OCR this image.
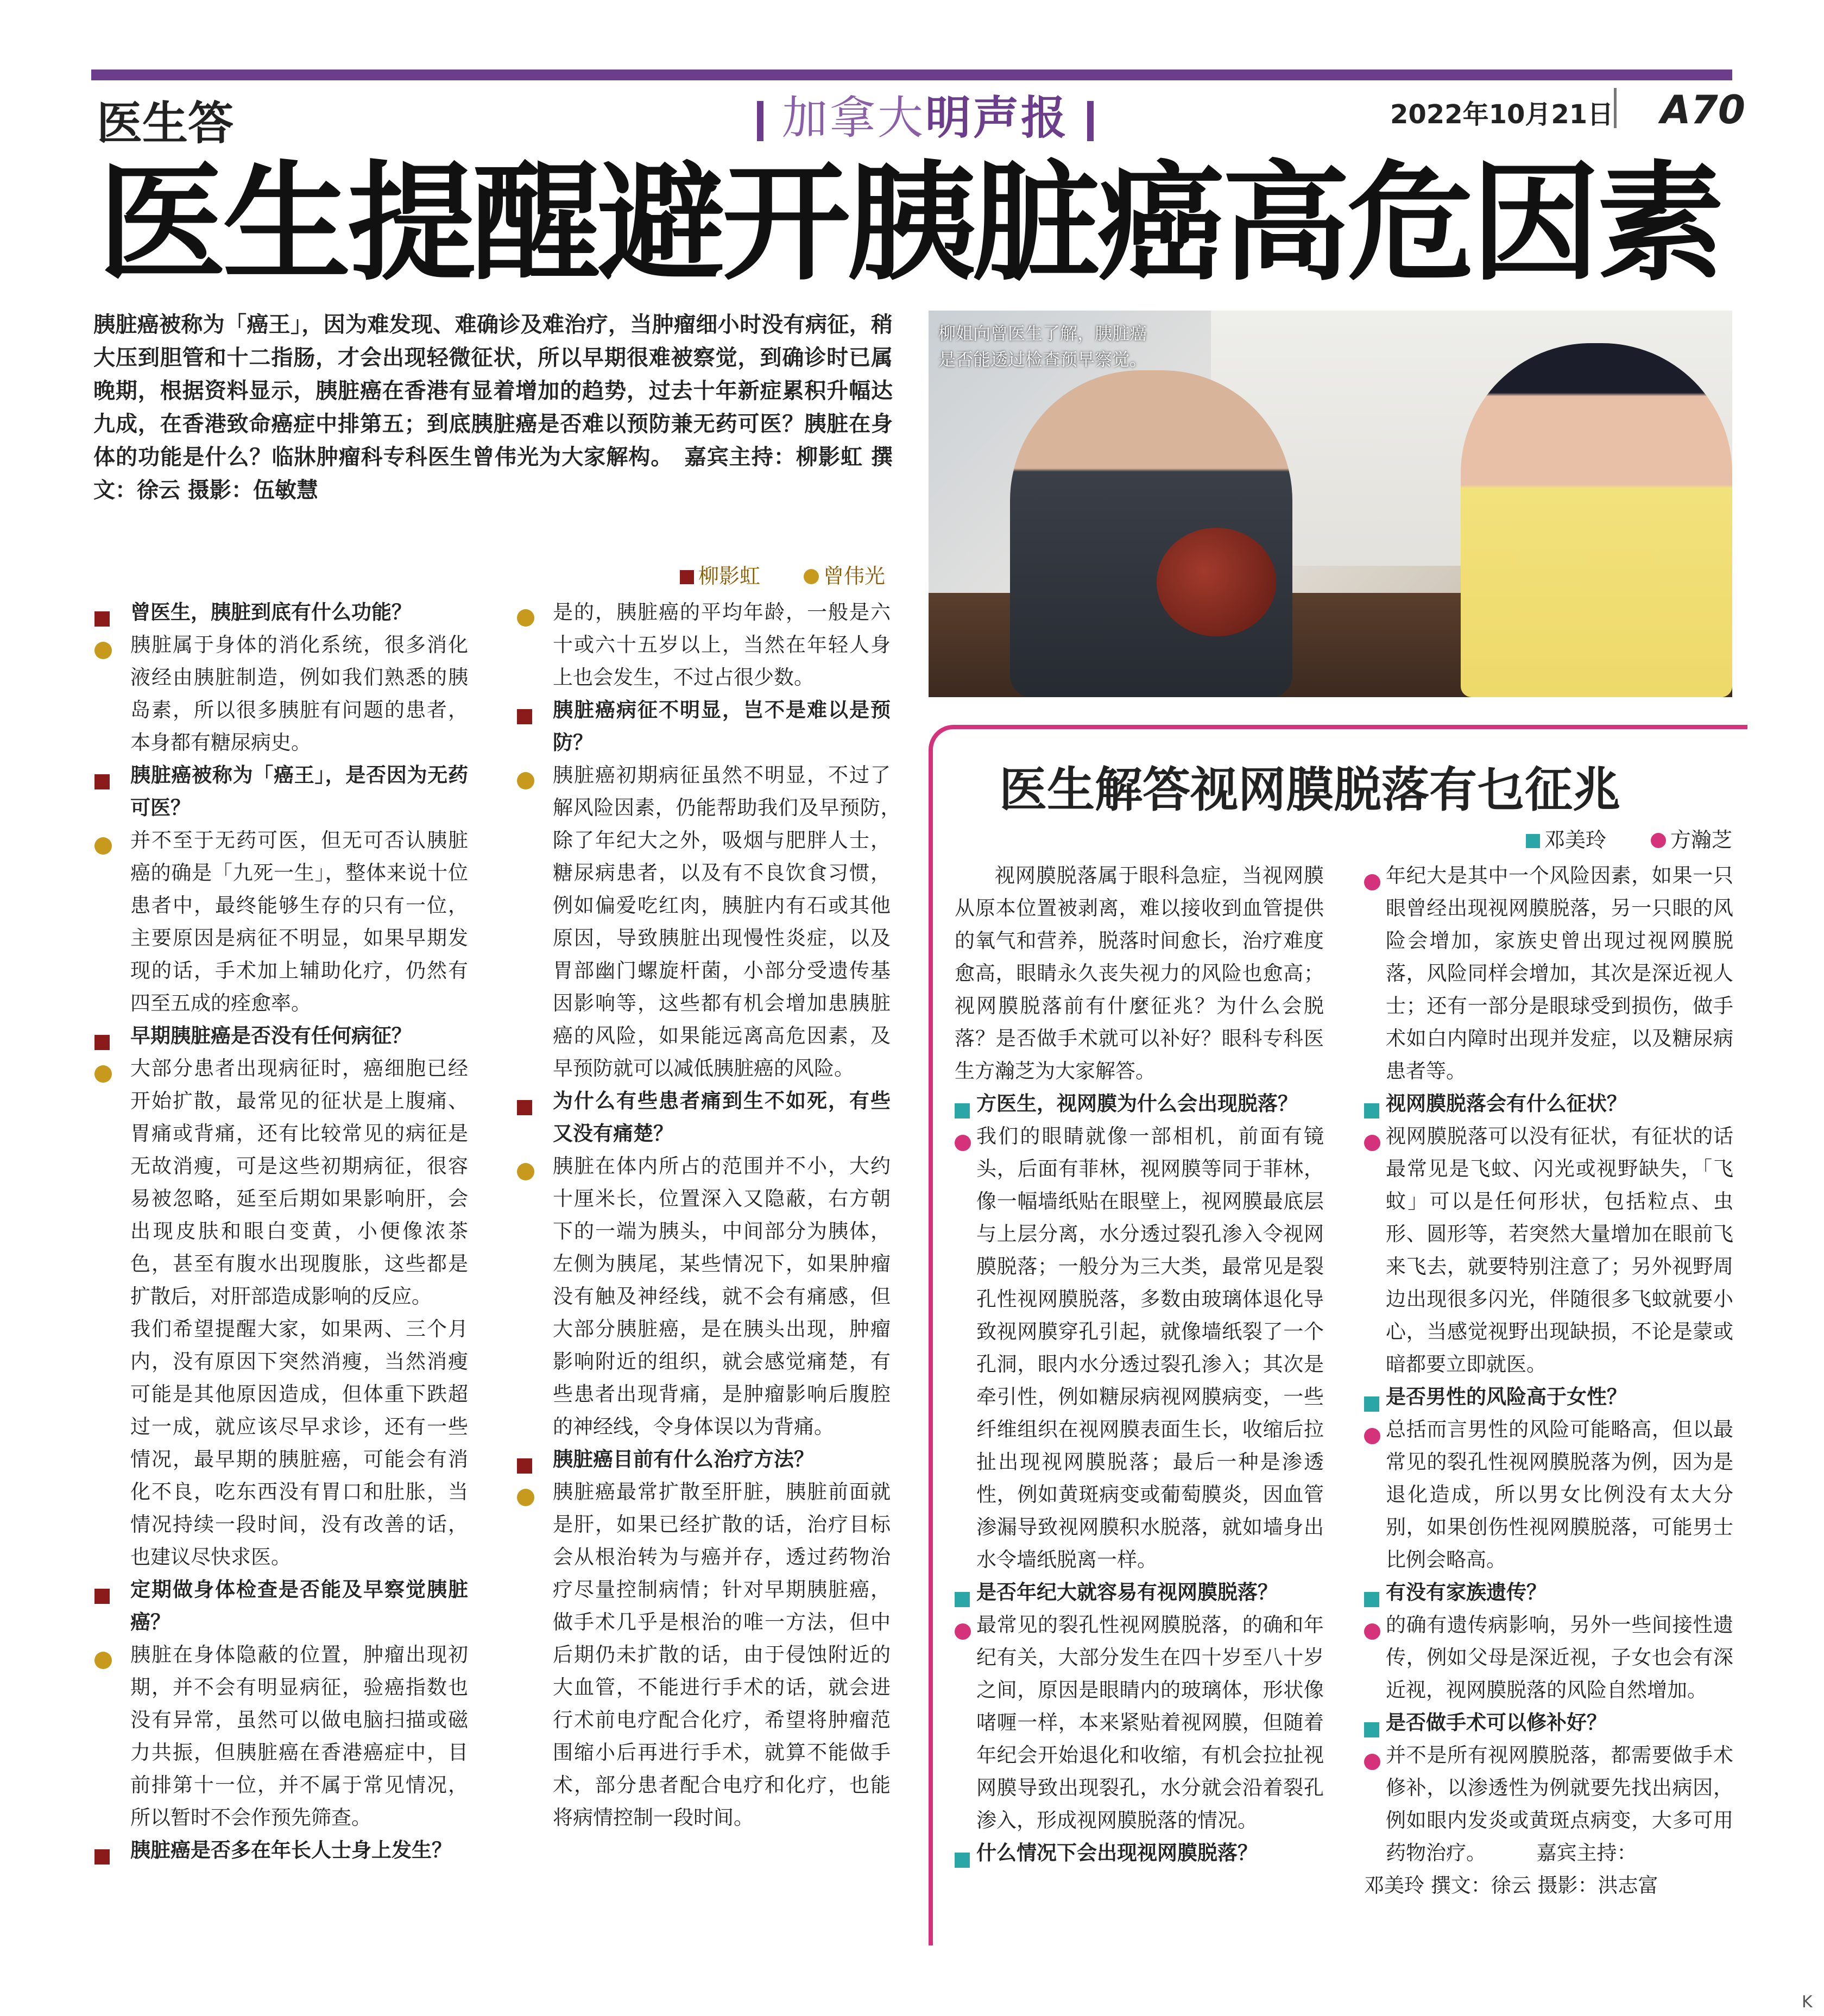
医生答	加拿大明声报	2022年10月21日 A70
医生提醒避开胰脏癌高危因素
胰脏癌被称为「癌王」，因为难发现、难确诊及难治疗，当肿瘤细小时没有病征，稍大压到胆管和十二指肠，才会出现轻微征状，所以早期很难被察觉，到确诊时已属晚期，根据资料显示，胰脏癌在香港有显着增加的趋势，过去十年新症累积升幅达九成，在香港致命癌症中排第五；到底胰脏癌是否难以预防兼无药可医？胰脏在身体的功能是什么？临牀肿瘤科专科医生曾伟光为大家解构。　嘉宾主持：柳影虹 撰文：徐云 摄影：伍敏慧
柳影虹	曾伟光

曾医生，胰脏到底有什么功能？

胰脏属于身体的消化系统，很多消化液经由胰脏制造，例如我们熟悉的胰岛素，所以很多胰脏有问题的患者，本身都有糖尿病史。

胰脏癌被称为「癌王」，是否因为无药可医？

并不至于无药可医，但无可否认胰脏癌的确是「九死一生」，整体来说十位患者中，最终能够生存的只有一位，主要原因是病征不明显，如果早期发现的话，手术加上辅助化疗，仍然有四至五成的痊愈率。

早期胰脏癌是否没有任何病征？

大部分患者出现病征时，癌细胞已经开始扩散，最常见的征状是上腹痛、胃痛或背痛，还有比较常见的病征是无故消瘦，可是这些初期病征，很容易被忽略，延至后期如果影响肝，会出现皮肤和眼白变黄，小便像浓茶色，甚至有腹水出现腹胀，这些都是扩散后，对肝部造成影响的反应。

我们希望提醒大家，如果两、三个月内，没有原因下突然消瘦，当然消瘦可能是其他原因造成，但体重下跌超过一成，就应该尽早求诊，还有一些情况，最早期的胰脏癌，可能会有消化不良，吃东西没有胃口和肚胀，当情况持续一段时间，没有改善的话，也建议尽快求医。

定期做身体检查是否能及早察觉胰脏癌？

胰脏在身体隐蔽的位置，肿瘤出现初期，并不会有明显病征，验癌指数也没有异常，虽然可以做电脑扫描或磁力共振，但胰脏癌在香港癌症中，目前排第十一位，并不属于常见情况，所以暂时不会作预先筛查。

胰脏癌是否多在年长人士身上发生？

是的，胰脏癌的平均年龄，一般是六十或六十五岁以上，当然在年轻人身上也会发生，不过占很少数。

胰脏癌病征不明显，岂不是难以是预防？

胰脏癌初期病征虽然不明显，不过了解风险因素，仍能帮助我们及早预防，　除了年纪大之外，吸烟与肥胖人士，糖尿病患者，以及有不良饮食习惯，例如偏爱吃红肉，胰脏内有石或其他原因，导致胰脏出现慢性炎症，以及胃部幽门螺旋杆菌，小部分受遗传基因影响等，这些都有机会增加患胰脏癌的风险，如果能远离高危因素，及早预防就可以减低胰脏癌的风险。

为什么有些患者痛到生不如死，有些又没有痛楚？

胰脏在体内所占的范围并不小，大约十厘米长，位置深入又隐蔽，右方朝下的一端为胰头，中间部分为胰体，左侧为胰尾，某些情况下，如果肿瘤没有触及神经线，就不会有痛感，但大部分胰脏癌，是在胰头出现，肿瘤影响附近的组织，就会感觉痛楚，有些患者出现背痛，是肿瘤影响后腹腔的神经线，令身体误以为背痛。

胰脏癌目前有什么治疗方法？

胰脏癌最常扩散至肝脏，胰脏前面就是肝，如果已经扩散的话，治疗目标会从根治转为与癌并存，透过药物治疗尽量控制病情；针对早期胰脏癌，做手术几乎是根治的唯一方法，但中后期仍未扩散的话，由于侵蚀附近的大血管，不能进行手术的话，就会进行术前电疗配合化疗，希望将肿瘤范围缩小后再进行手术，就算不能做手术，部分患者配合电疗和化疗，也能将病情控制一段时间。

柳姐向曾医生了解，胰脏癌
是否能透过检查预早察觉。
医生解答视网膜脱落有乜征兆
邓美玲	方瀚芝

视网膜脱落属于眼科急症，当视网膜从原本位置被剥离，难以接收到血管提供的氧气和营养，脱落时间愈长，治疗难度愈高，眼睛永久丧失视力的风险也愈高；视网膜脱落前有什麼征兆？为什么会脱落？是否做手术就可以补好？眼科专科医生方瀚芝为大家解答。

方医生，视网膜为什么会出现脱落？

我们的眼睛就像一部相机，前面有镜头，后面有菲林，视网膜等同于菲林，像一幅墙纸贴在眼壁上，视网膜最底层与上层分离，水分透过裂孔渗入令视网膜脱落；一般分为三大类，最常见是裂孔性视网膜脱落，多数由玻璃体退化导致视网膜穿孔引起，就像墙纸裂了一个孔洞，眼内水分透过裂孔渗入；其次是牵引性，例如糖尿病视网膜病变，一些纤维组织在视网膜表面生长，收缩后拉扯出现视网膜脱落；最后一种是渗透性，例如黄斑病变或葡萄膜炎，因血管渗漏导致视网膜积水脱落，就如墙身出水令墙纸脱离一样。

是否年纪大就容易有视网膜脱落？

最常见的裂孔性视网膜脱落，的确和年纪有关，大部分发生在四十岁至八十岁之间，原因是眼睛内的玻璃体，形状像啫喱一样，本来紧贴着视网膜，但随着年纪会开始退化和收缩，有机会拉扯视网膜导致出现裂孔，水分就会沿着裂孔渗入，形成视网膜脱落的情况。

什么情况下会出现视网膜脱落？

年纪大是其中一个风险因素，如果一只眼曾经出现视网膜脱落，另一只眼的风险会增加，家族史曾出现过视网膜脱落，风险同样会增加，其次是深近视人士；还有一部分是眼球受到损伤，做手术如白内障时出现并发症，以及糖尿病患者等。

视网膜脱落会有什么征状？

视网膜脱落可以没有征状，有征状的话最常见是飞蚊、闪光或视野缺失，「飞蚊」可以是任何形状，包括粒点、虫形、圆形等，若突然大量增加在眼前飞来飞去，就要特别注意了；另外视野周边出现很多闪光，伴随很多飞蚊就要小心，当感觉视野出现缺损，不论是蒙或暗都要立即就医。

是否男性的风险高于女性？

总括而言男性的风险可能略高，但以最常见的裂孔性视网膜脱落为例，因为是退化造成，所以男女比例没有太大分别，如果创伤性视网膜脱落，可能男士比例会略高。

有没有家族遗传？

的确有遗传病影响，另外一些间接性遗传，例如父母是深近视，子女也会有深近视，视网膜脱落的风险自然增加。

是否做手术可以修补好？

并不是所有视网膜脱落，都需要做手术修补，以渗透性为例就要先找出病因，例如眼内发炎或黄斑点病变，大多可用药物治疗。　　　嘉宾主持：

邓美玲 撰文：徐云 摄影：洪志富

K
